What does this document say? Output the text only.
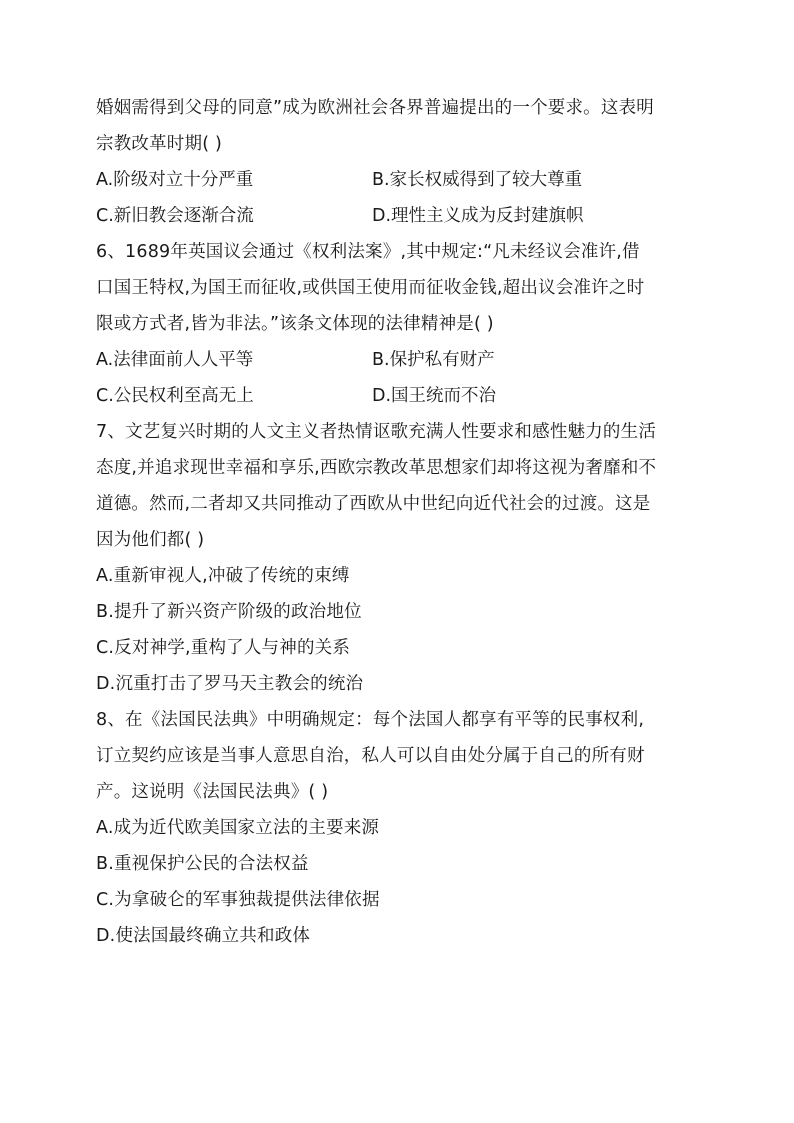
婚姻需得到父母的同意”成为欧洲社会各界普遍提出的一个要求。这表明
宗教改革时期( )
A.阶级对立十分严重	B.家长权威得到了较大尊重
C.新旧教会逐渐合流	D.理性主义成为反封建旗帜
6、1689年英国议会通过《权利法案》,其中规定:“凡未经议会准许,借
口国王特权,为国王而征收,或供国王使用而征收金钱,超出议会准许之时
限或方式者,皆为非法。”该条文体现的法律精神是( )
A.法律面前人人平等	B.保护私有财产
C.公民权利至高无上	D.国王统而不治
7、文艺复兴时期的人文主义者热情讴歌充满人性要求和感性魅力的生活
态度,并追求现世幸福和享乐,西欧宗教改革思想家们却将这视为奢靡和不
道德。然而,二者却又共同推动了西欧从中世纪向近代社会的过渡。这是
因为他们都( )
A.重新审视人,冲破了传统的束缚
B.提升了新兴资产阶级的政治地位
C.反对神学,重构了人与神的关系
D.沉重打击了罗马天主教会的统治
8、在《法国民法典》中明确规定：每个法国人都享有平等的民事权利,
订立契约应该是当事人意思自治，私人可以自由处分属于自己的所有财
产。这说明《法国民法典》( )
A.成为近代欧美国家立法的主要来源
B.重视保护公民的合法权益
C.为拿破仑的军事独裁提供法律依据
D.使法国最终确立共和政体
